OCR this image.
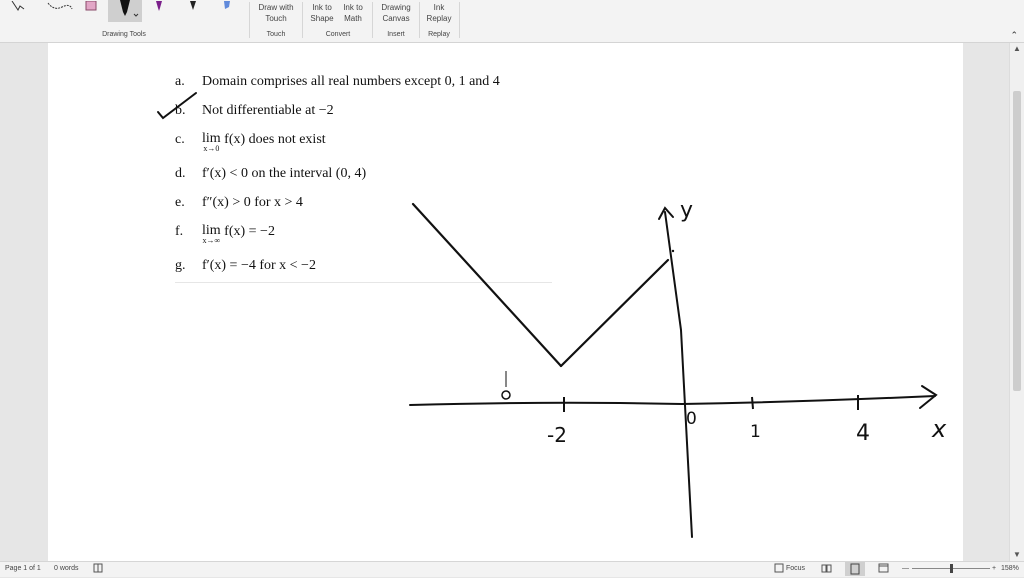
Drawing Tools
Draw with
Touch
Touch
Ink to
Shape
Ink to
Math
Convert
Drawing
Canvas
Insert
Ink
Replay
Replay	⌃
a. Domain comprises all real numbers except 0, 1 and 4
b. Not differentiable at −2
c. lim
x→0
f(x) does not exist
d. f′(x) < 0 on the interval (0, 4)
e. f″(x) > 0 for x > 4
f. lim
x→∞
f(x) = −2
g. f′(x) = −4 for x < −2
y
x
-2
0
1	4
▲
▼
Page 1 of 1 0 words	Focus	—	+ 158%
